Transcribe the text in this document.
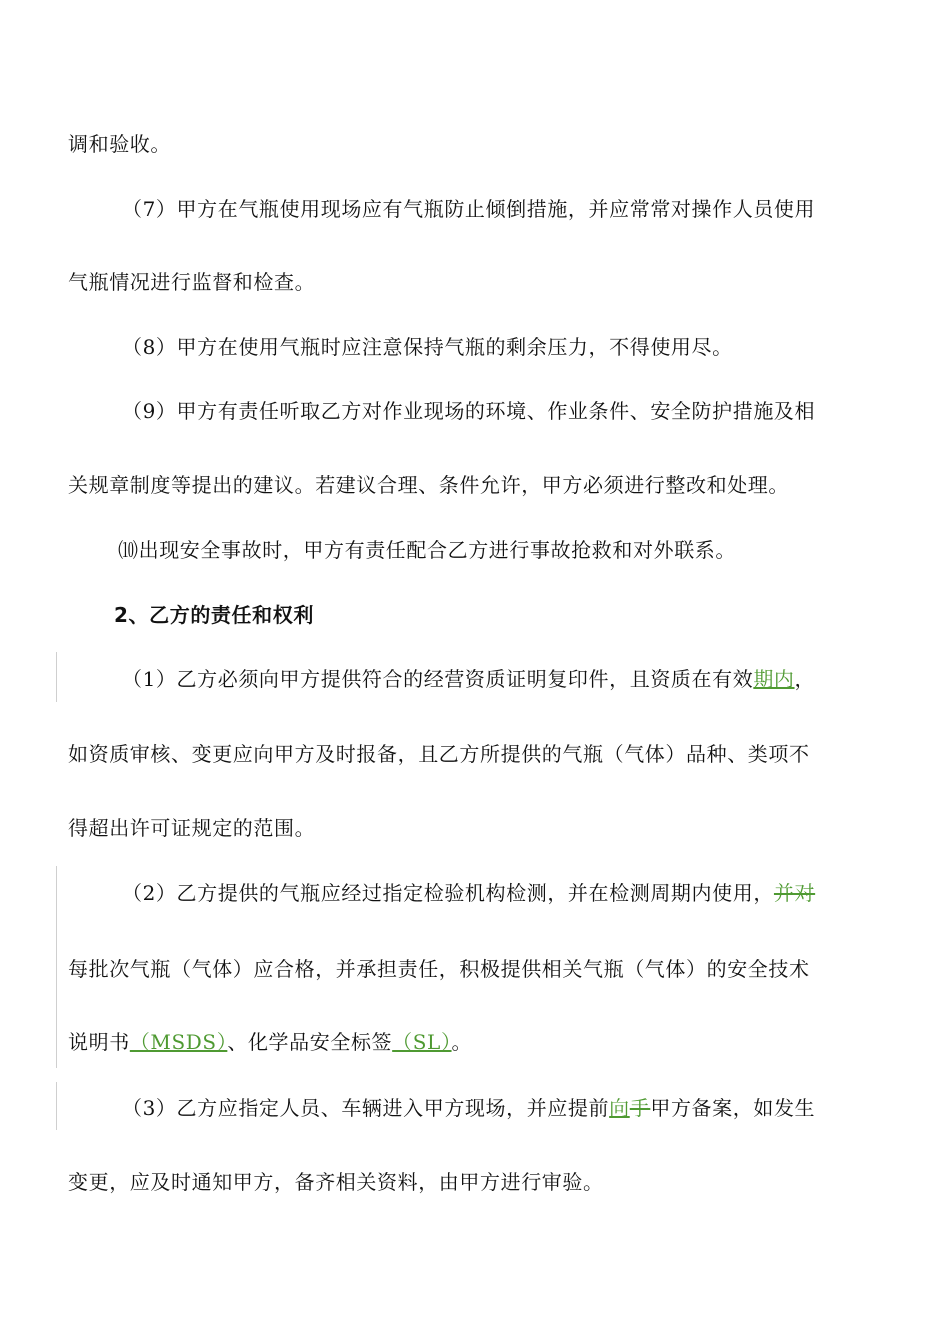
调和验收。
（7）甲方在气瓶使用现场应有气瓶防止倾倒措施，并应常常对操作人员使用
气瓶情况进行监督和检查。
（8）甲方在使用气瓶时应注意保持气瓶的剩余压力，不得使用尽。
（9）甲方有责任听取乙方对作业现场的环境、作业条件、安全防护措施及相
关规章制度等提出的建议。若建议合理、条件允许，甲方必须进行整改和处理。
⑽出现安全事故时，甲方有责任配合乙方进行事故抢救和对外联系。
2、乙方的责任和权利
（1）乙方必须向甲方提供符合的经营资质证明复印件，且资质在有效期内，
如资质审核、变更应向甲方及时报备，且乙方所提供的气瓶（气体）品种、类项不
得超出许可证规定的范围。
（2）乙方提供的气瓶应经过指定检验机构检测，并在检测周期内使用，并对
每批次气瓶（气体）应合格，并承担责任，积极提供相关气瓶（气体）的安全技术
说明书（MSDS）、化学品安全标签（SL）。
（3）乙方应指定人员、车辆进入甲方现场，并应提前向手甲方备案，如发生
变更，应及时通知甲方，备齐相关资料，由甲方进行审验。
